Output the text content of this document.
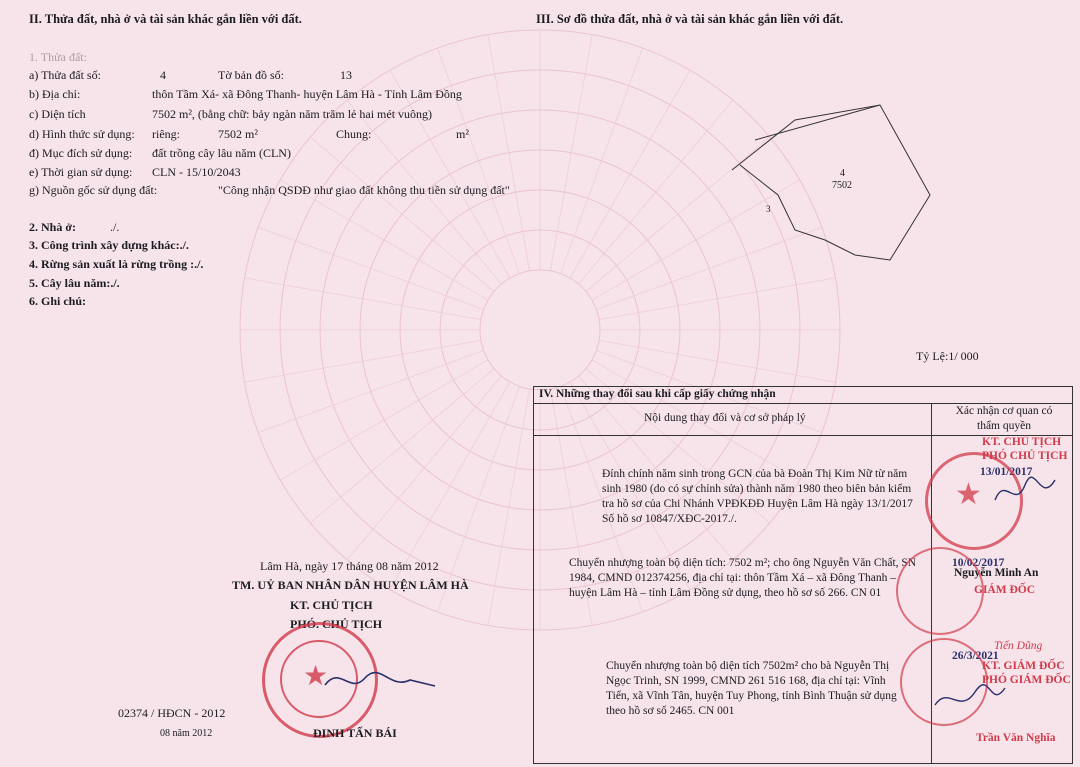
II. Thửa đất, nhà ở và tài sản khác gắn liền với đất.
1. Thửa đất:
a) Thửa đất số:	4	Tờ bản đồ số:	13
b) Địa chỉ:	thôn Tầm Xá- xã Đông Thanh- huyện Lâm Hà - Tỉnh Lâm Đồng
c) Diện tích	7502 m², (bằng chữ: bảy ngàn năm trăm lẻ hai mét vuông)
d) Hình thức sử dụng: riêng:	7502 m²	Chung:	m²
đ) Mục đích sử dụng: đất trồng cây lâu năm (CLN)
e) Thời gian sử dụng: CLN - 15/10/2043
g) Nguồn gốc sử dụng đất:	"Công nhận QSDĐ như giao đất không thu tiền sử dụng đất"
2. Nhà ở:	./.
3. Công trình xây dựng khác:./.
4. Rừng sản xuất là rừng trồng :./.
5. Cây lâu năm:./.
6. Ghi chú:
Lâm Hà, ngày 17 tháng 08 năm 2012
TM. UỶ BAN NHÂN DÂN HUYỆN LÂM HÀ
KT. CHỦ TỊCH
PHÓ. CHỦ TỊCH
★
ĐINH TẤN BÁI
02374 / HĐCN - 2012
08 năm 2012
III. Sơ đồ thửa đất, nhà ở và tài sản khác gắn liền với đất.
4
7502
3
Tỷ Lệ:1/ 000
IV. Những thay đổi sau khi cấp giấy chứng nhận
Nội dung thay đổi và cơ sở pháp lý
Xác nhận cơ quan có
thẩm quyền
Đính chính năm sinh trong GCN của bà Đoàn Thị Kim Nữ từ năm
sinh 1980 (do có sự chỉnh sửa) thành năm 1980 theo biên bản kiểm
tra hồ sơ của Chi Nhánh VPĐKĐĐ Huyện Lâm Hà ngày 13/1/2017
Số hồ sơ 10847/XĐC-2017./.
KT. CHỦ TỊCH
PHÓ CHỦ TỊCH
13/01/2017
Chuyển nhượng toàn bộ diện tích: 7502 m²; cho ông Nguyễn Văn Chất, SN
1984, CMND 012374256, địa chỉ tại: thôn Tầm Xá – xã Đông Thanh –
huyện Lâm Hà – tỉnh Lâm Đồng sử dụng, theo hồ sơ số 266. CN 01
10/02/2017
Nguyễn Minh An
GIÁM ĐỐC
Chuyển nhượng toàn bộ diện tích 7502m² cho bà Nguyễn Thị
Ngọc Trinh, SN 1999, CMND 261 516 168, địa chỉ tại: Vĩnh
Tiến, xã Vĩnh Tân, huyện Tuy Phong, tỉnh Bình Thuận sử dụng
theo hồ sơ số 2465. CN 001
Tiến Dũng
26/3/2021
KT. GIÁM ĐỐC
PHÓ GIÁM ĐỐC
Trần Văn Nghĩa
★
